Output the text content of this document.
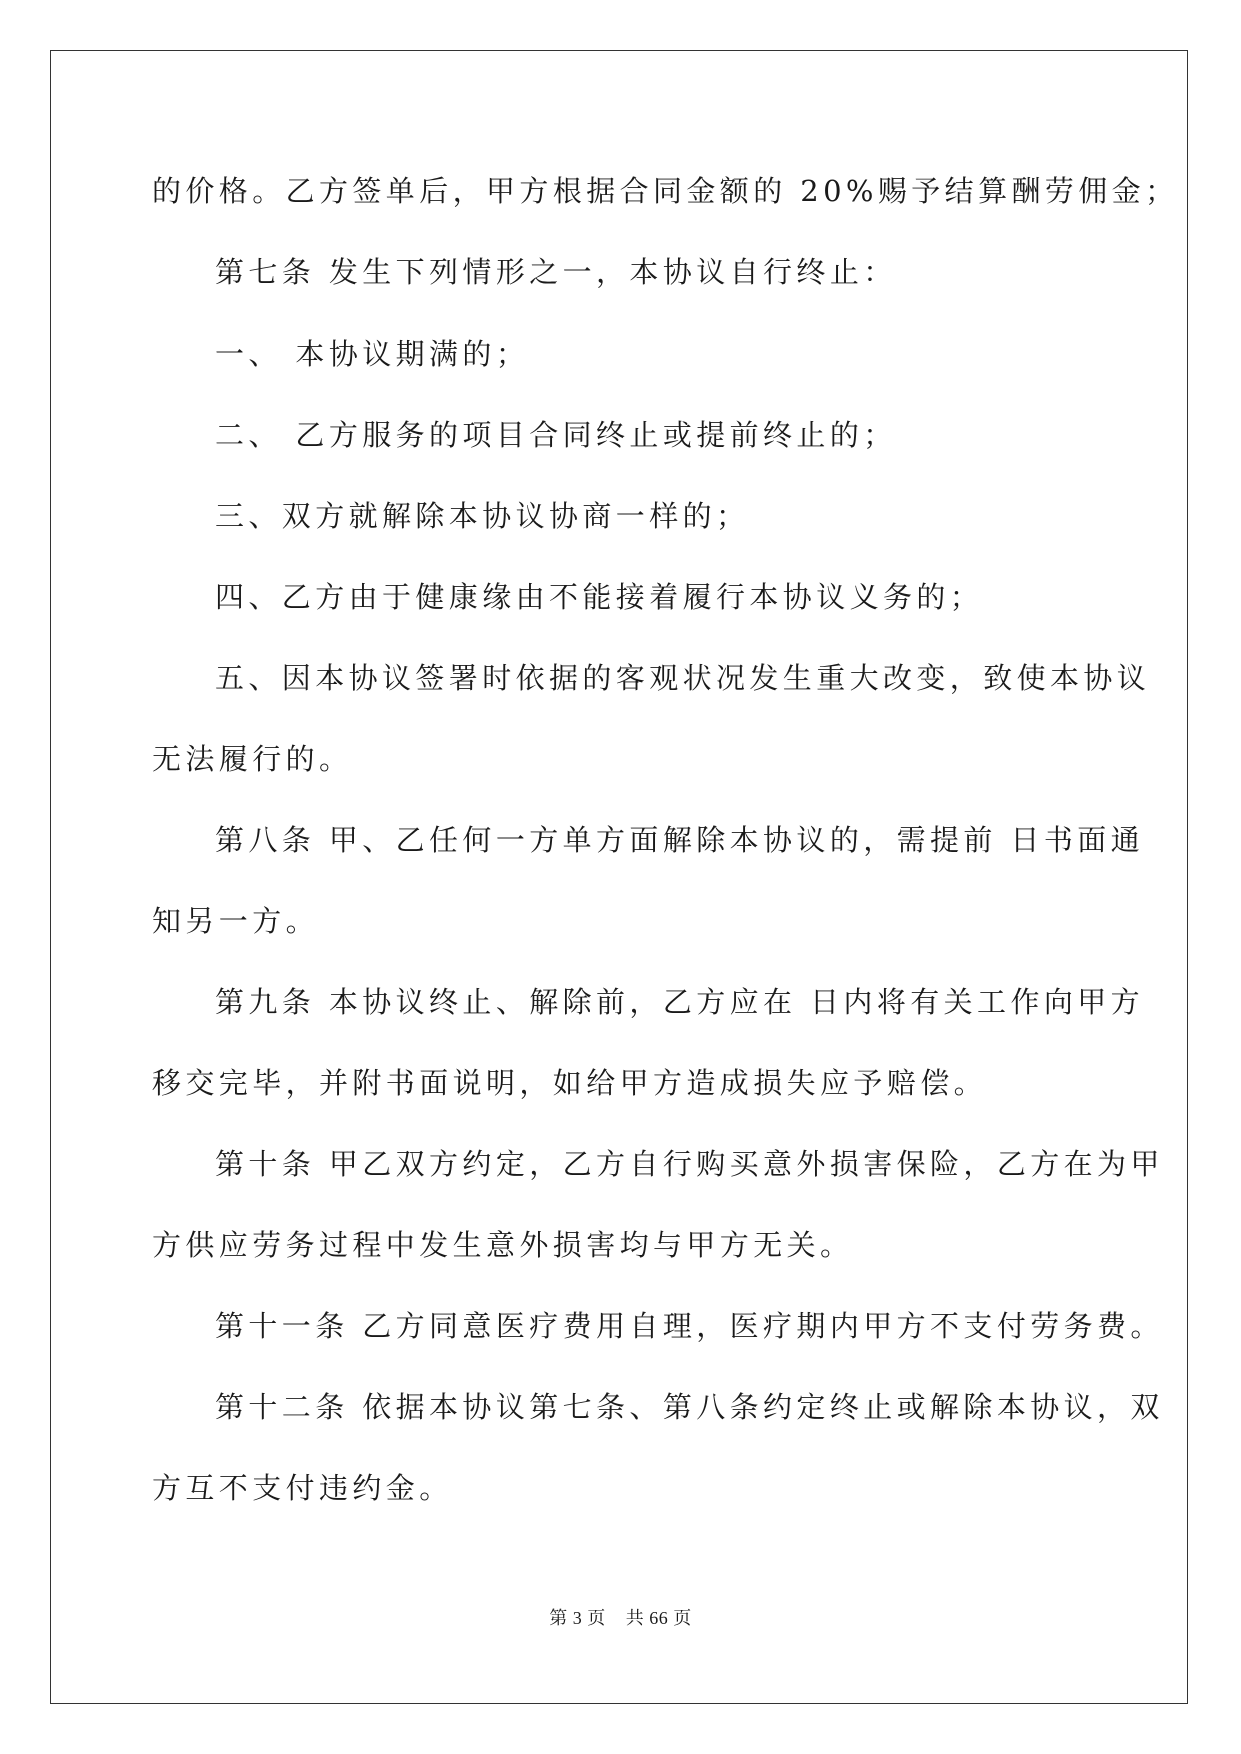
的价格。乙方签单后，甲方根据合同金额的 20%赐予结算酬劳佣金；
第七条 发生下列情形之一，本协议自行终止：
一、 本协议期满的；
二、 乙方服务的项目合同终止或提前终止的；
三、双方就解除本协议协商一样的；
四、乙方由于健康缘由不能接着履行本协议义务的；
五、因本协议签署时依据的客观状况发生重大改变，致使本协议
无法履行的。
第八条 甲、乙任何一方单方面解除本协议的，需提前 日书面通
知另一方。
第九条 本协议终止、解除前，乙方应在 日内将有关工作向甲方
移交完毕，并附书面说明，如给甲方造成损失应予赔偿。
第十条 甲乙双方约定，乙方自行购买意外损害保险，乙方在为甲
方供应劳务过程中发生意外损害均与甲方无关。
第十一条 乙方同意医疗费用自理，医疗期内甲方不支付劳务费。
第十二条 依据本协议第七条、第八条约定终止或解除本协议，双
方互不支付违约金。
第 3 页    共 66 页
